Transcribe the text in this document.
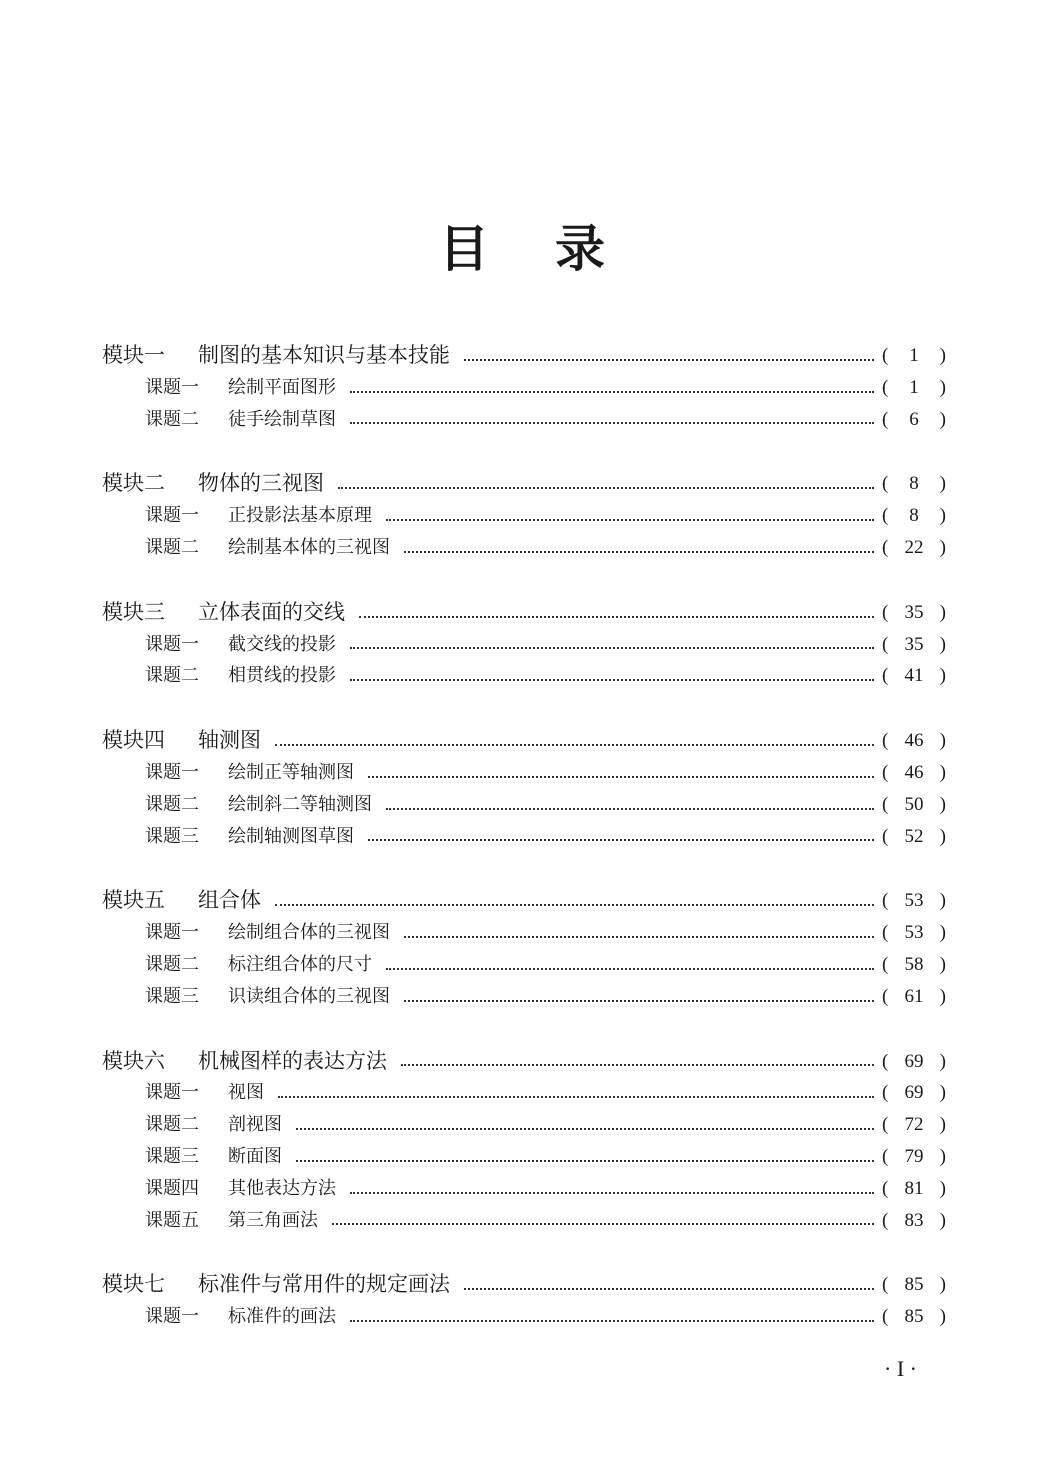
目录
模块一	制图的基本知识与基本技能	(	1	)
课题一	绘制平面图形	(	1	)
课题二	徒手绘制草图	(	6	)
模块二	物体的三视图	(	8	)
课题一	正投影法基本原理	(	8	)
课题二	绘制基本体的三视图	( 22 )
模块三	立体表面的交线	( 35 )
课题一	截交线的投影	( 35 )
课题二	相贯线的投影	( 41 )
模块四	轴测图	( 46 )
课题一	绘制正等轴测图	( 46 )
课题二	绘制斜二等轴测图	( 50 )
课题三	绘制轴测图草图	( 52 )
模块五	组合体	( 53 )
课题一	绘制组合体的三视图	( 53 )
课题二	标注组合体的尺寸	( 58 )
课题三	识读组合体的三视图	( 61 )
模块六	机械图样的表达方法	( 69 )
课题一	视图	( 69 )
课题二	剖视图	( 72 )
课题三	断面图	( 79 )
课题四	其他表达方法	( 81 )
课题五	第三角画法	( 83 )
模块七	标准件与常用件的规定画法	( 85 )
课题一	标准件的画法	( 85 )
· I ·
